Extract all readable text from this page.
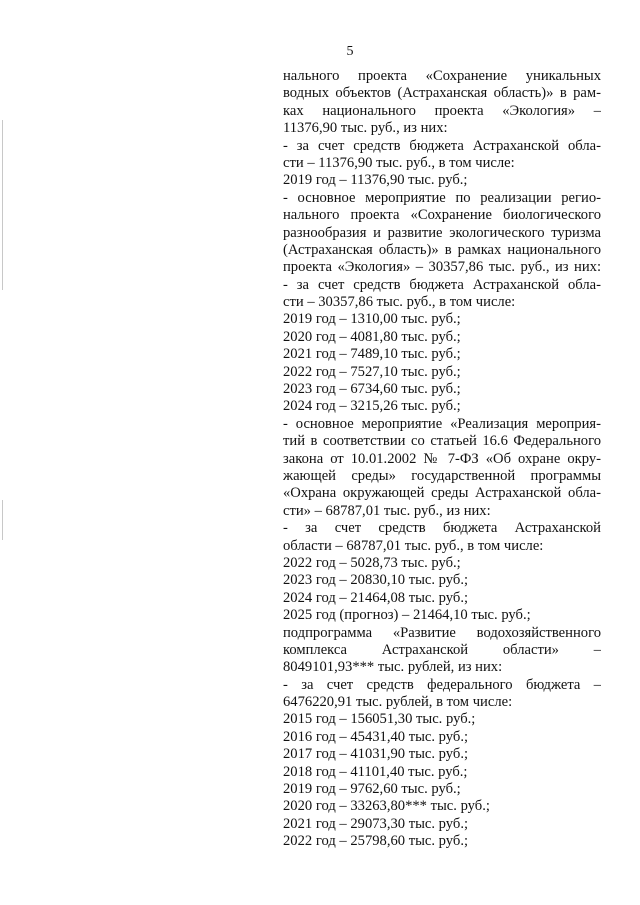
5
нального проекта «Сохранение уникальных
водных объектов (Астраханская область)» в рам-
ках национального проекта «Экология» –
11376,90 тыс. руб., из них:
- за счет средств бюджета Астраханской обла-
сти – 11376,90 тыс. руб., в том числе:
2019 год – 11376,90 тыс. руб.;
- основное мероприятие по реализации регио-
нального проекта «Сохранение биологического
разнообразия и развитие экологического туризма
(Астраханская область)» в рамках национального
проекта «Экология» – 30357,86 тыс. руб., из них:
- за счет средств бюджета Астраханской обла-
сти – 30357,86 тыс. руб., в том числе:
2019 год – 1310,00 тыс. руб.;
2020 год – 4081,80 тыс. руб.;
2021 год – 7489,10 тыс. руб.;
2022 год – 7527,10 тыс. руб.;
2023 год – 6734,60 тыс. руб.;
2024 год – 3215,26 тыс. руб.;
- основное мероприятие «Реализация мероприя-
тий в соответствии со статьей 16.6 Федерального
закона от 10.01.2002 № 7-ФЗ «Об охране окру-
жающей среды» государственной программы
«Охрана окружающей среды Астраханской обла-
сти» – 68787,01 тыс. руб., из них:
- за счет средств бюджета Астраханской
области – 68787,01 тыс. руб., в том числе:
2022 год – 5028,73 тыс. руб.;
2023 год – 20830,10 тыс. руб.;
2024 год – 21464,08 тыс. руб.;
2025 год (прогноз) – 21464,10 тыс. руб.;
подпрограмма «Развитие водохозяйственного
комплекса Астраханской области» –
8049101,93*** тыс. рублей, из них:
- за счет средств федерального бюджета –
6476220,91 тыс. рублей, в том числе:
2015 год – 156051,30 тыс. руб.;
2016 год – 45431,40 тыс. руб.;
2017 год – 41031,90 тыс. руб.;
2018 год – 41101,40 тыс. руб.;
2019 год – 9762,60 тыс. руб.;
2020 год – 33263,80*** тыс. руб.;
2021 год – 29073,30 тыс. руб.;
2022 год – 25798,60 тыс. руб.;
